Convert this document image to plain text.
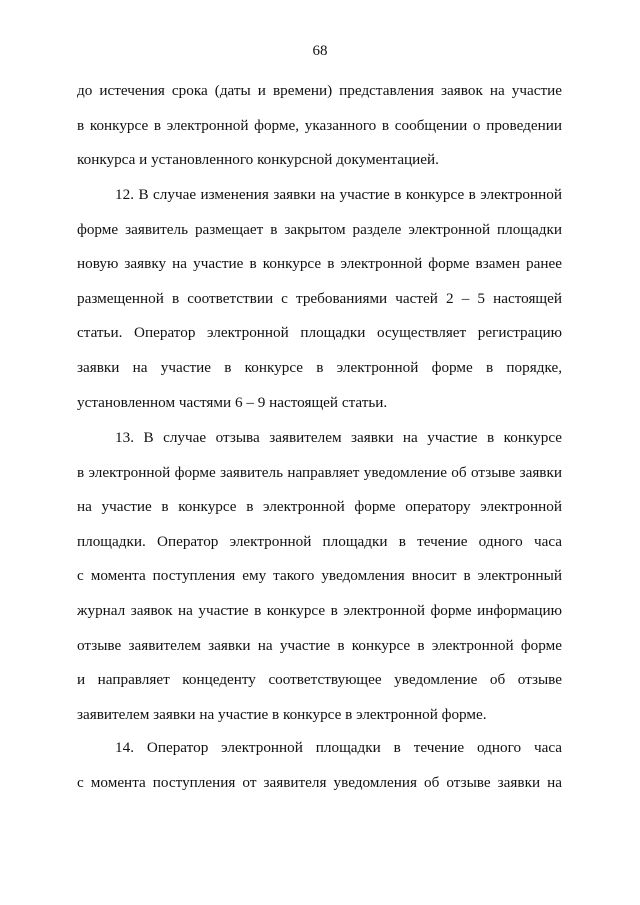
68
до истечения срока (даты и времени) представления заявок на участие
в конкурсе в электронной форме, указанного в сообщении о проведении
конкурса и установленного конкурсной документацией.
12. В случае изменения заявки на участие в конкурсе в электронной
форме заявитель размещает в закрытом разделе электронной площадки
новую заявку на участие в конкурсе в электронной форме взамен ранее
размещенной в соответствии с требованиями частей 2 – 5 настоящей
статьи. Оператор электронной площадки осуществляет регистрацию
заявки на участие в конкурсе в электронной форме в порядке,
установленном частями 6 – 9 настоящей статьи.
13. В случае отзыва заявителем заявки на участие в конкурсе
в электронной форме заявитель направляет уведомление об отзыве заявки
на участие в конкурсе в электронной форме оператору электронной
площадки. Оператор электронной площадки в течение одного часа
с момента поступления ему такого уведомления вносит в электронный
журнал заявок на участие в конкурсе в электронной форме информацию
отзыве заявителем заявки на участие в конкурсе в электронной форме
и направляет концеденту соответствующее уведомление об отзыве
заявителем заявки на участие в конкурсе в электронной форме.
14. Оператор электронной площадки в течение одного часа
с момента поступления от заявителя уведомления об отзыве заявки на
